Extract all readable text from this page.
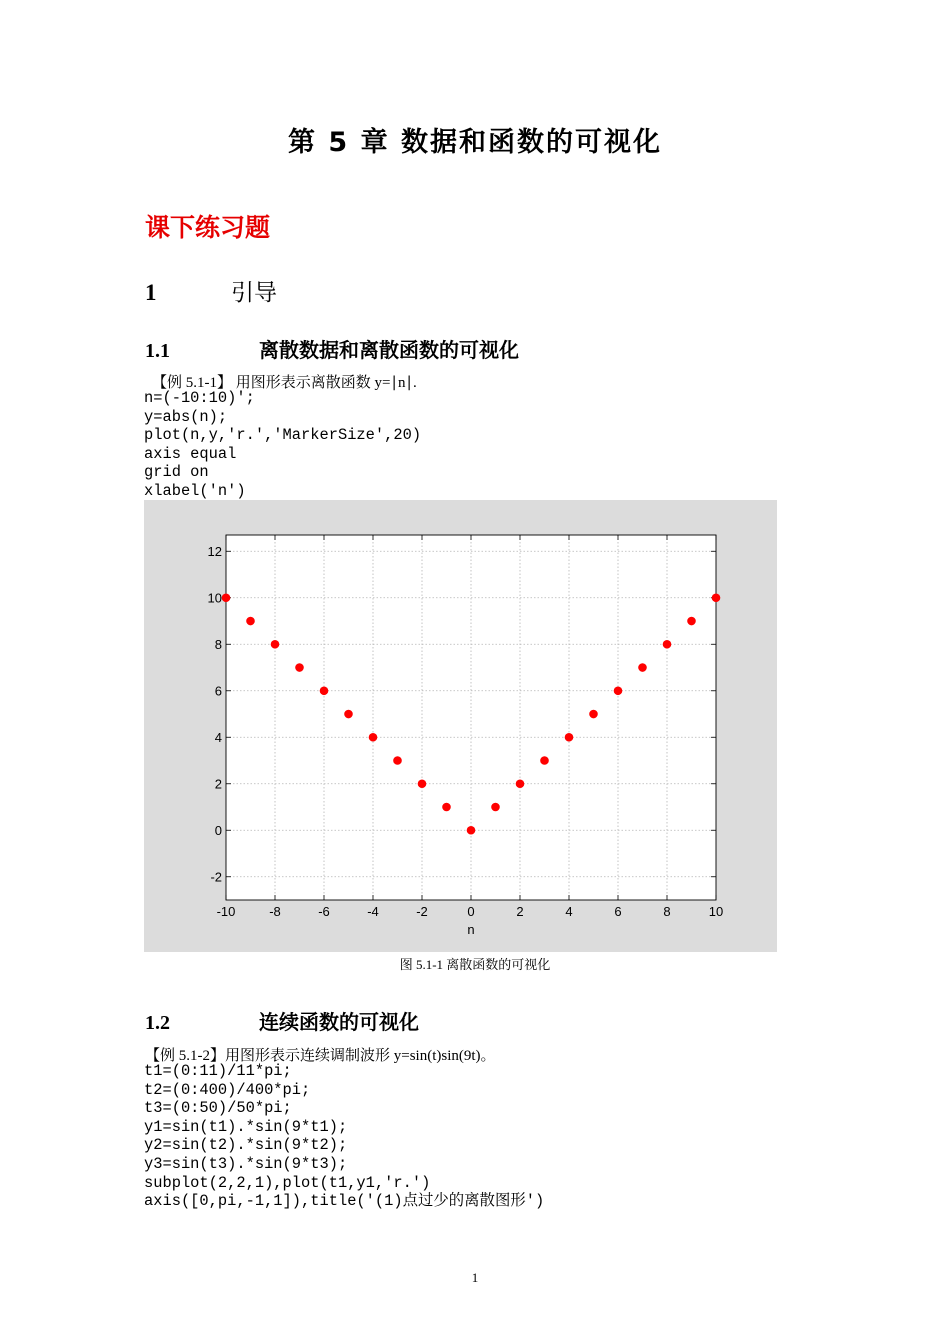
第 5 章 数据和函数的可视化
课下练习题
1	引导
1.1	离散数据和离散函数的可视化
【例 5.1-1】 用图形表示离散函数 y=∣n∣.
n=(-10:10)';
y=abs(n);
plot(n,y,'r.','MarkerSize',20)
axis equal
grid on
xlabel('n')
-10	-8	-6	-4	-2	0	2	4	6	8	10
-2
0
2
4
6
8
10
12
n
图 5.1-1 离散函数的可视化
1.2	连续函数的可视化
【例 5.1-2】用图形表示连续调制波形 y=sin(t)sin(9t)。
t1=(0:11)/11*pi;
t2=(0:400)/400*pi;
t3=(0:50)/50*pi;
y1=sin(t1).*sin(9*t1);
y2=sin(t2).*sin(9*t2);
y3=sin(t3).*sin(9*t3);
subplot(2,2,1),plot(t1,y1,'r.')
axis([0,pi,-1,1]),title('(1)点过少的离散图形')
1
